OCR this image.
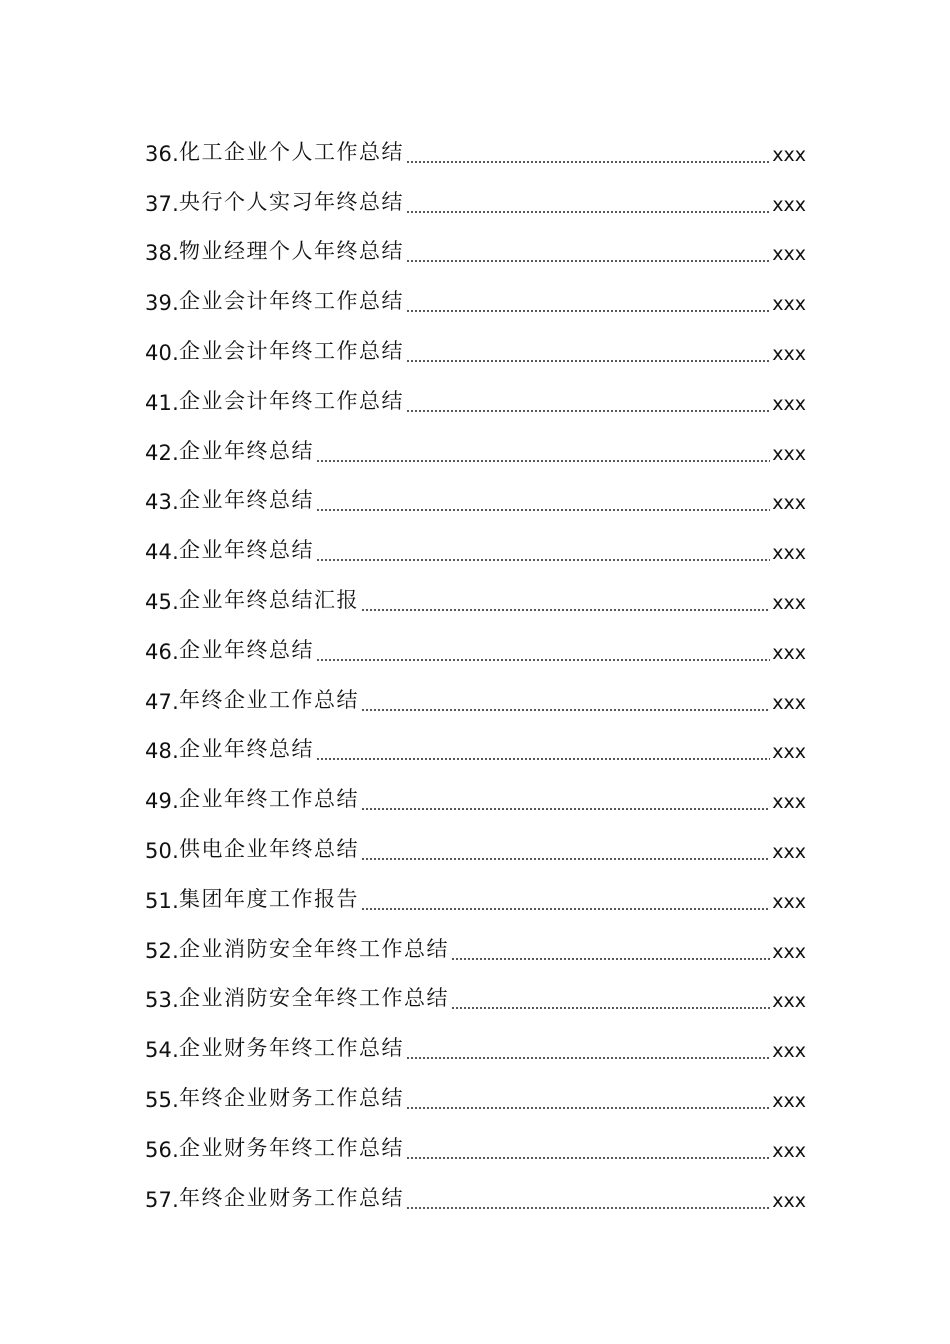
36. 化工企业个人工作总结	xxx
37. 央行个人实习年终总结	xxx
38. 物业经理个人年终总结	xxx
39. 企业会计年终工作总结	xxx
40. 企业会计年终工作总结	xxx
41. 企业会计年终工作总结	xxx
42. 企业年终总结	xxx
43. 企业年终总结	xxx
44. 企业年终总结	xxx
45. 企业年终总结汇报	xxx
46. 企业年终总结	xxx
47. 年终企业工作总结	xxx
48. 企业年终总结	xxx
49. 企业年终工作总结	xxx
50. 供电企业年终总结	xxx
51. 集团年度工作报告	xxx
52. 企业消防安全年终工作总结	xxx
53. 企业消防安全年终工作总结	xxx
54. 企业财务年终工作总结	xxx
55. 年终企业财务工作总结	xxx
56. 企业财务年终工作总结	xxx
57. 年终企业财务工作总结	xxx
